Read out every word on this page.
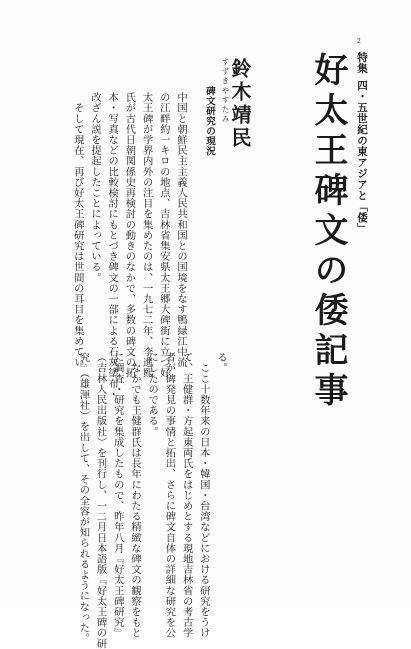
2
特集四・五世紀の東アジアと「倭」
好太王碑文の倭記事
すずきやすたみ
鈴木靖民
碑文研究の現況
中国と朝鮮民主主義人民共和国との国境をなす鴨緑江中流
の江畔約一キロの地点、吉林省集安県太王郷大碑街に立つ好
太王碑が学界内外の注目を集めたのは、一九七二年、李進熙
氏が古代日朝関係史再検討の動きのなかで、多数の碑文の拓
本・写真などの比較検討にもとづき碑文の一部による石灰塗布・
改ざん説を提起したことによっている。
　そして現在、再び好太王碑研究は世間の耳目を集めてい	る。
　ここ十数年来の日本・韓国・台湾などにおける研究をうけ
て、王健群・方起東両氏をはじめとする現地吉林省の考古学
者が碑発見の事情と拓出、さらに碑文自体の詳細な研究を公
にしたのである。
　なかでも王健群氏は長年にわたる精緻な碑文の観察をもと
に調査・研究を集成したもので、昨年八月『好太王碑研究』
（吉林人民出版社）を刊行し、一二月日本語版『好太王碑の研
究』（雄渾社）を出して、その全容が知られるようになった。
